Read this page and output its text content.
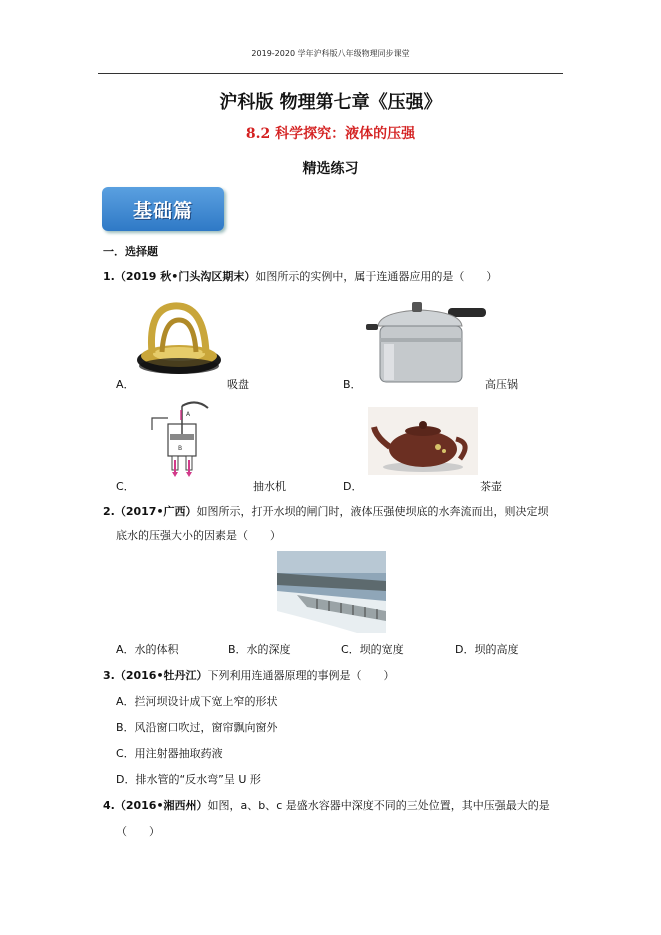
2019-2020 学年沪科版八年级物理同步课堂
沪科版 物理第七章《压强》
8.2 科学探究：液体的压强
精选练习
基础篇
一．选择题
1.（2019 秋•门头沟区期末）如图所示的实例中，属于连通器应用的是（　　）
A．	吸盘	B．	高压锅
A
B
C．	抽水机	D．	茶壶
2.（2017•广西）如图所示，打开水坝的闸门时，液体压强使坝底的水奔流而出，则决定坝
底水的压强大小的因素是（　　）
A．水的体积	B．水的深度	C．坝的宽度	D．坝的高度
3.（2016•牡丹江）下列利用连通器原理的事例是（　　）
A．拦河坝设计成下宽上窄的形状
B．风沿窗口吹过，窗帘飘向窗外
C．用注射器抽取药液
D．排水管的“反水弯”呈 U 形
4.（2016•湘西州）如图，a、b、c 是盛水容器中深度不同的三处位置，其中压强最大的是
（　　）
